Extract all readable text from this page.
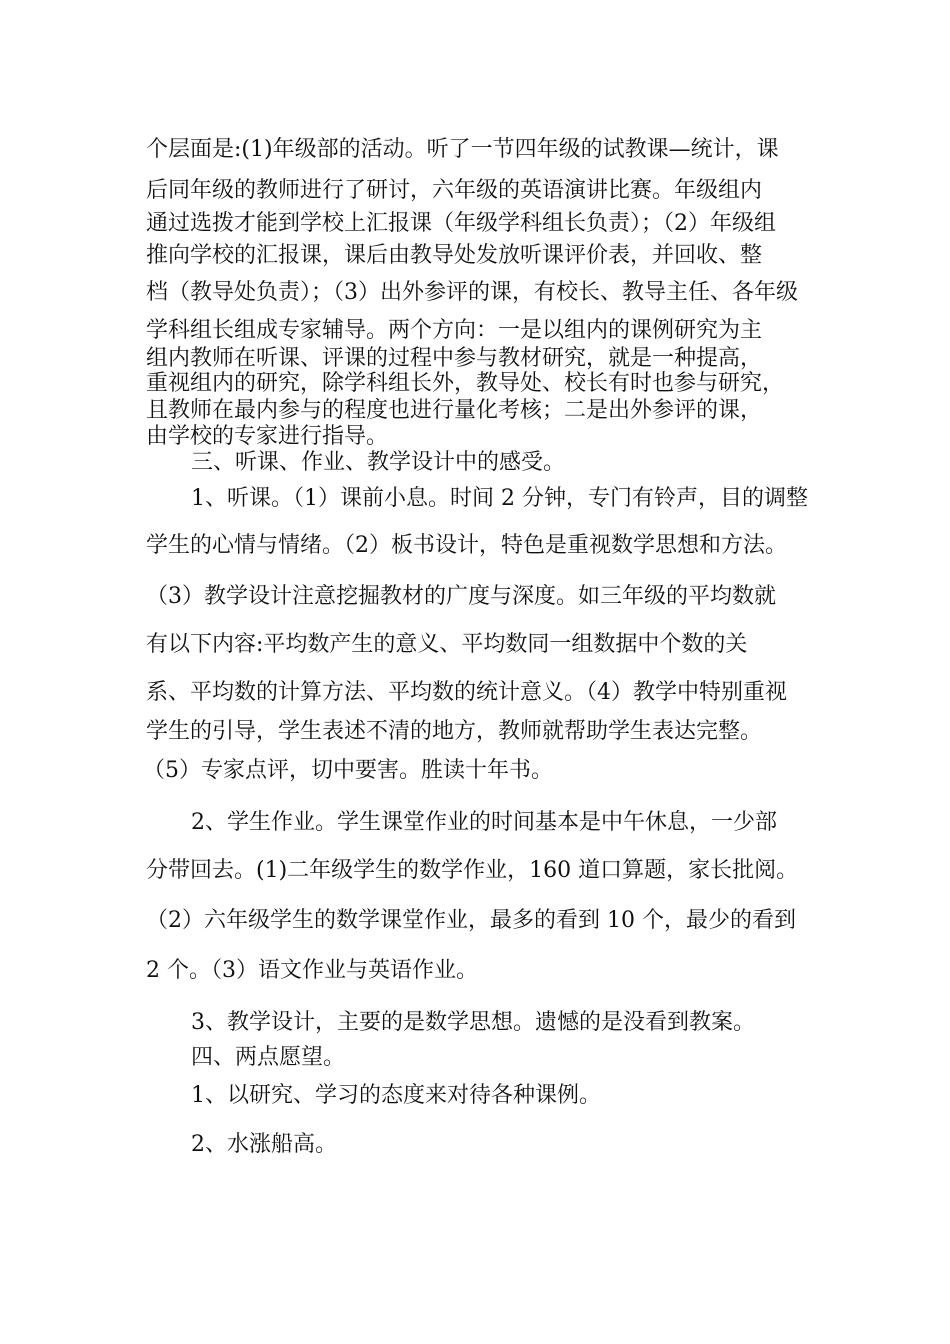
个层面是:(1)年级部的活动。听了一节四年级的试教课—统计，课
后同年级的教师进行了研讨，六年级的英语演讲比赛。年级组内
通过选拨才能到学校上汇报课（年级学科组长负责）；（2）年级组
推向学校的汇报课，课后由教导处发放听课评价表，并回收、整
档（教导处负责）；（3）出外参评的课，有校长、教导主任、各年级
学科组长组成专家辅导。两个方向：一是以组内的课例研究为主
组内教师在听课、评课的过程中参与教材研究，就是一种提高，
重视组内的研究，除学科组长外，教导处、校长有时也参与研究，
且教师在最内参与的程度也进行量化考核；二是出外参评的课，
由学校的专家进行指导。
三、听课、作业、教学设计中的感受。
1、听课。（1）课前小息。时间 2 分钟，专门有铃声，目的调整
学生的心情与情绪。（2）板书设计，特色是重视数学思想和方法。
（3）教学设计注意挖掘教材的广度与深度。如三年级的平均数就
有以下内容:平均数产生的意义、平均数同一组数据中个数的关
系、平均数的计算方法、平均数的统计意义。（4）教学中特别重视
学生的引导，学生表述不清的地方，教师就帮助学生表达完整。
（5）专家点评，切中要害。胜读十年书。
2、学生作业。学生课堂作业的时间基本是中午休息，一少部
分带回去。(1)二年级学生的数学作业，160 道口算题，家长批阅。
（2）六年级学生的数学课堂作业，最多的看到 10 个，最少的看到
2 个。（3）语文作业与英语作业。
3、教学设计，主要的是数学思想。遗憾的是没看到教案。
四、两点愿望。
1、以研究、学习的态度来对待各种课例。
2、水涨船高。
